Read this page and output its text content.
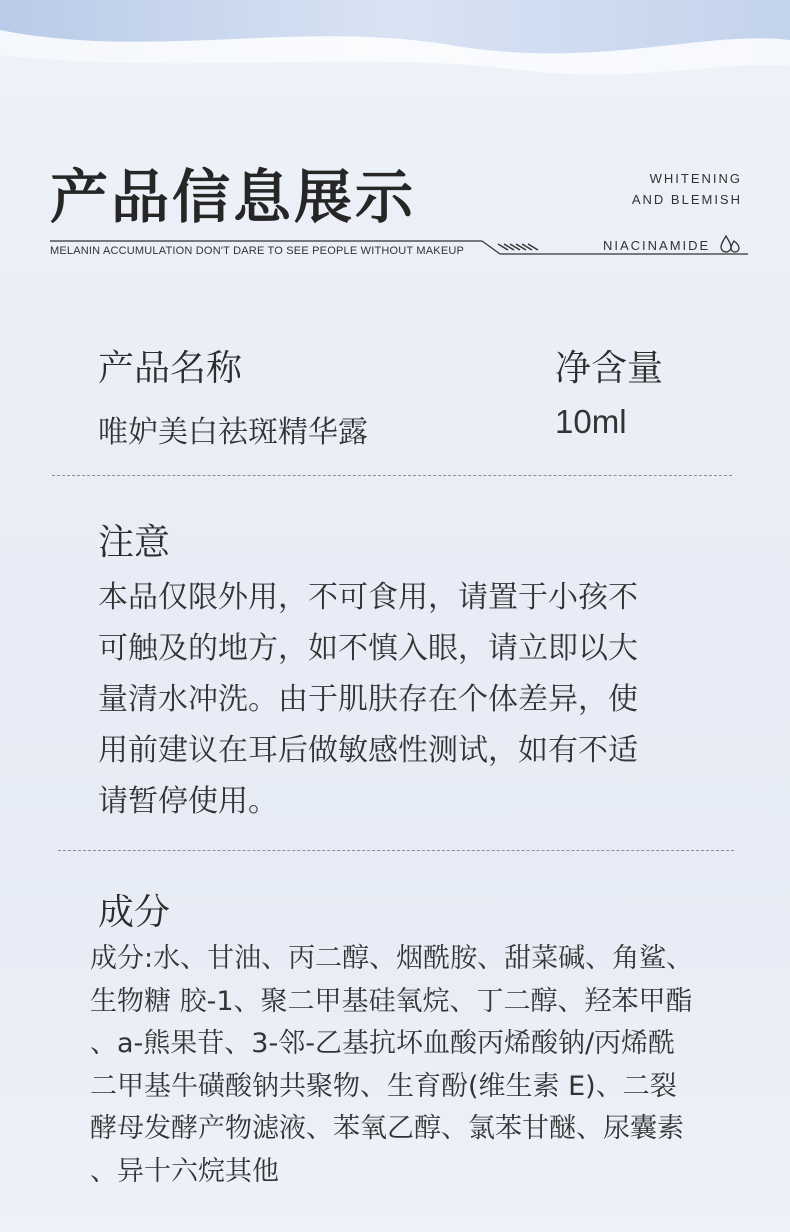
产品信息展示	WHITENING
AND BLEMISH
MELANIN ACCUMULATION DON'T DARE TO SEE PEOPLE WITHOUT MAKEUP	NIACINAMIDE
产品名称
唯妒美白祛斑精华露
净含量
10ml
注意

本品仅限外用，不可食用，请置于小孩不
可触及的地方，如不慎入眼，请立即以大
量清水冲洗。由于肌肤存在个体差异，使
用前建议在耳后做敏感性测试，如有不适
请暂停使用。

成分

成分:水、甘油、丙二醇、烟酰胺、甜菜碱、角鲨、
生物糖 胶-1、聚二甲基硅氧烷、丁二醇、羟苯甲酯
、a-熊果苷、3-邻-乙基抗坏血酸丙烯酸钠/丙烯酰
二甲基牛磺酸钠共聚物、生育酚(维生素 E)、二裂
酵母发酵产物滤液、苯氧乙醇、氯苯甘醚、尿囊素
、异十六烷其他
